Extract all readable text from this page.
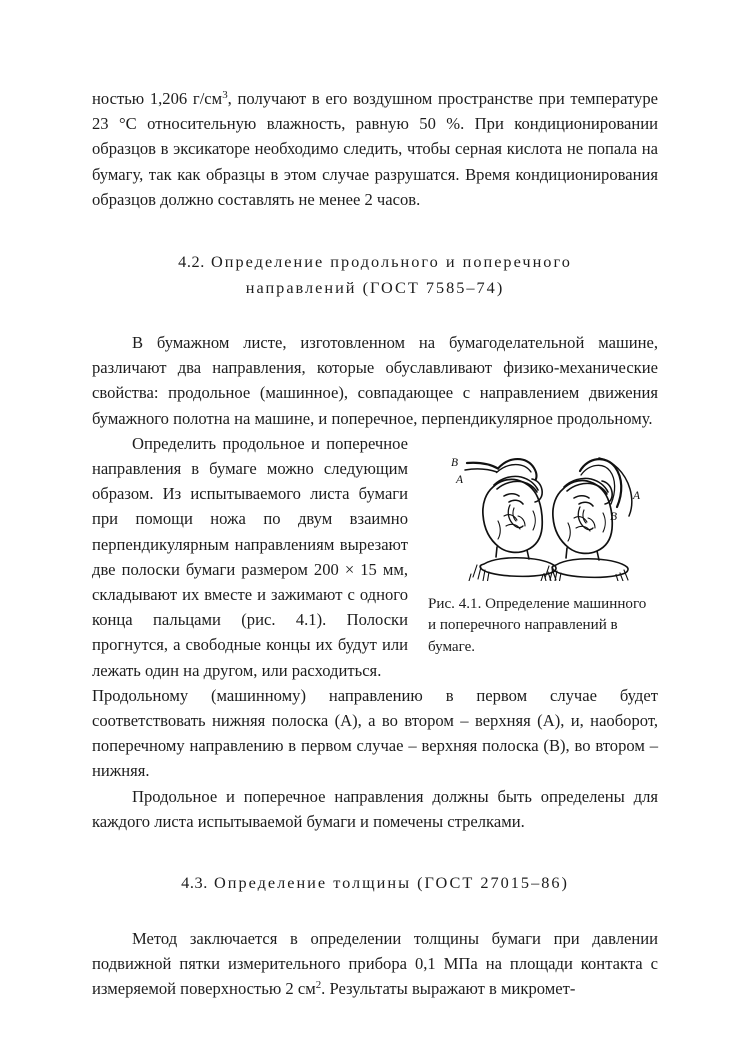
ностью 1,206 $г/см^3$, получают в его воздушном пространстве при температуре 23 °С относительную влажность, равную 50 %. При кондиционировании образцов в эксикаторе необходимо следить, чтобы серная кислота не попала на бумагу, так как образцы в этом случае разрушатся. Время кондиционирования образцов должно составлять не менее 2 часов.

4.2. Определение продольного и поперечного
направлений (ГОСТ 7585–74)

В бумажном листе, изготовленном на бумагоделательной машине, различают два направления, которые обуславливают физико-механические свойства: продольное (машинное), совпадающее с направлением движения бумажного полотна на машине, и поперечное, перпендикулярное продольному.

B
A
A
B
Рис. 4.1. Определение машинного и поперечного направлений в бумаге.

Определить продольное и поперечное направления в бумаге можно следующим образом. Из испытываемого листа бумаги при помощи ножа по двум взаимно перпендикулярным направлениям вырезают две полоски бумаги размером 200 × 15 мм, складывают их вместе и зажимают с одного конца пальцами (рис. 4.1). Полоски прогнутся, а свободные концы их будут или лежать один на другом, или расходиться.

Продольному (машинному) направлению в первом случае будет соответствовать нижняя полоска (А), а во втором – верхняя (А), и, наоборот, поперечному направлению в первом случае – верхняя полоска (В), во втором – нижняя.

Продольное и поперечное направления должны быть определены для каждого листа испытываемой бумаги и помечены стрелками.

4.3. Определение толщины (ГОСТ 27015–86)

Метод заключается в определении толщины бумаги при давлении подвижной пятки измерительного прибора 0,1 МПа на площади контакта с измеряемой поверхностью 2 $см^2$. Результаты выражают в микромет-
